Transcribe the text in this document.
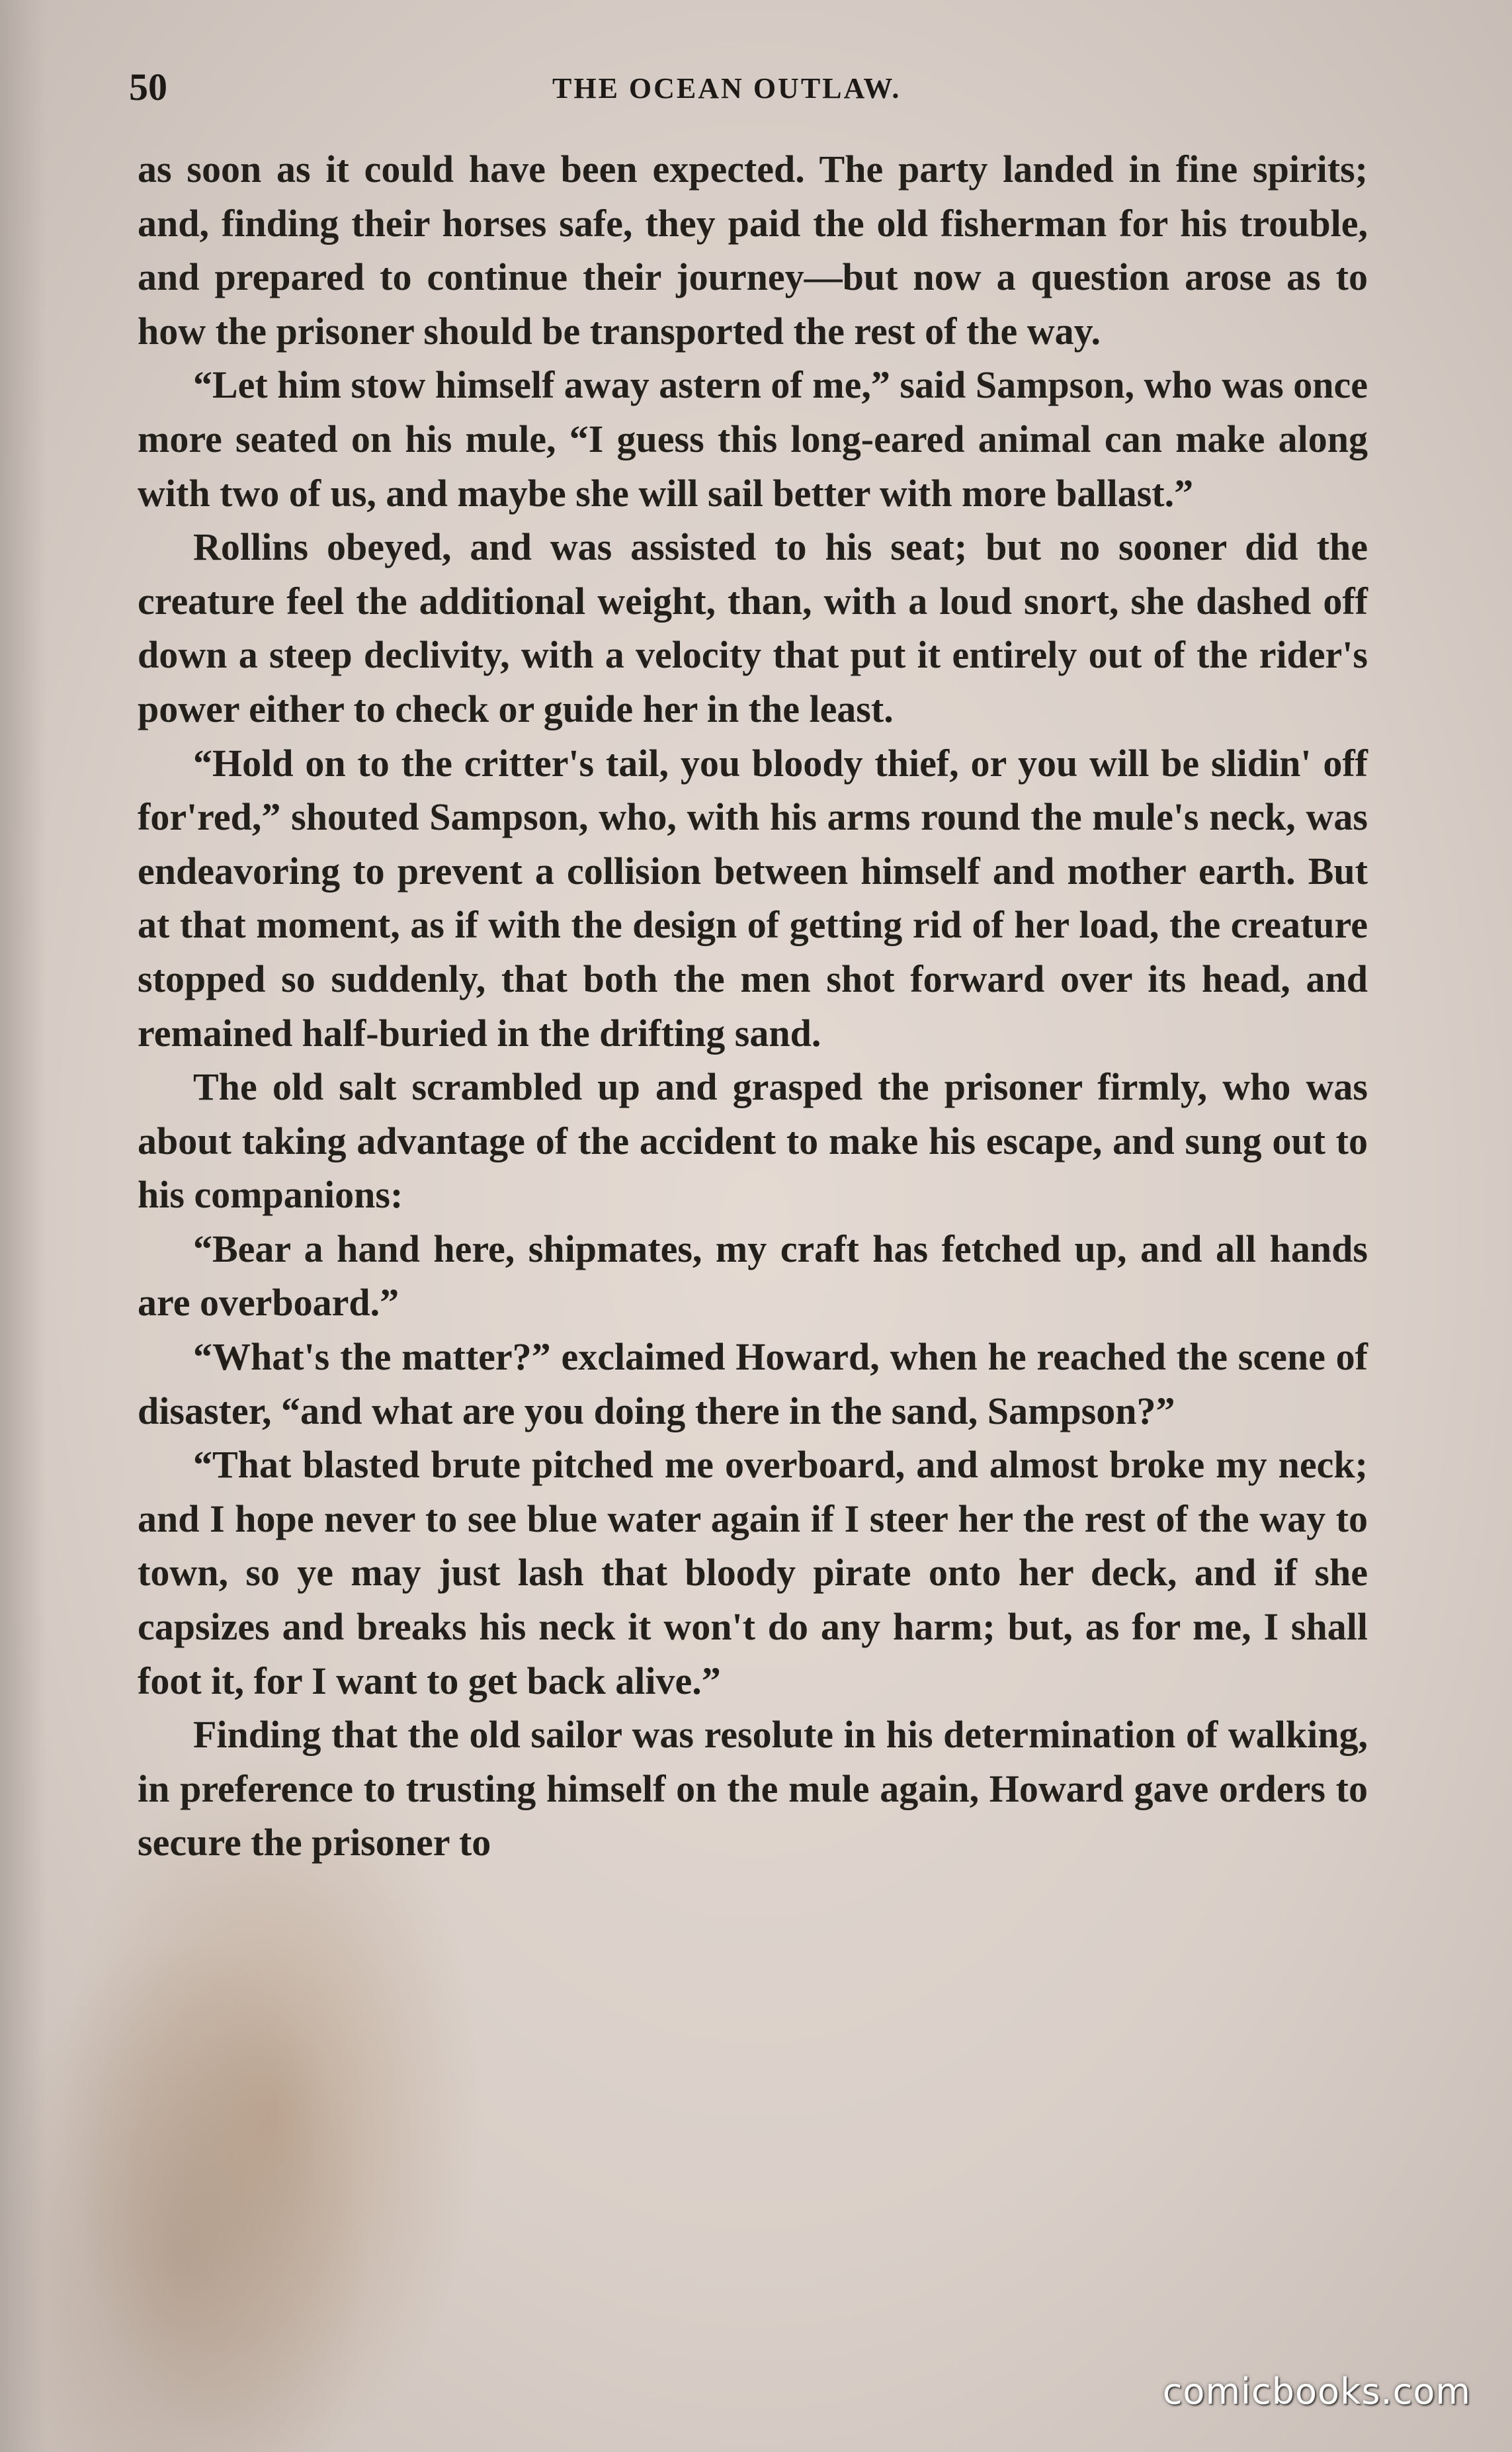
50	THE OCEAN OUTLAW.

as soon as it could have been expected. The party landed in fine spirits; and, finding their horses safe, they paid the old fisherman for his trouble, and prepared to continue their journey—but now a question arose as to how the prisoner should be transported the rest of the way.

“Let him stow himself away astern of me,” said Sampson, who was once more seated on his mule, “I guess this long-eared animal can make along with two of us, and maybe she will sail better with more ballast.”

Rollins obeyed, and was assisted to his seat; but no sooner did the creature feel the additional weight, than, with a loud snort, she dashed off down a steep declivity, with a velocity that put it entirely out of the rider's power either to check or guide her in the least.

“Hold on to the critter's tail, you bloody thief, or you will be slidin' off for'red,” shouted Sampson, who, with his arms round the mule's neck, was endeavoring to prevent a collision between himself and mother earth. But at that moment, as if with the design of getting rid of her load, the creature stopped so suddenly, that both the men shot forward over its head, and remained half-buried in the drifting sand.

The old salt scrambled up and grasped the prisoner firmly, who was about taking advantage of the accident to make his escape, and sung out to his companions:

“Bear a hand here, shipmates, my craft has fetched up, and all hands are overboard.”

“What's the matter?” exclaimed Howard, when he reached the scene of disaster, “and what are you doing there in the sand, Sampson?”

“That blasted brute pitched me overboard, and almost broke my neck; and I hope never to see blue water again if I steer her the rest of the way to town, so ye may just lash that bloody pirate onto her deck, and if she capsizes and breaks his neck it won't do any harm; but, as for me, I shall foot it, for I want to get back alive.”

Finding that the old sailor was resolute in his determination of walking, in preference to trusting himself on the mule again, Howard gave orders to secure the prisoner to

comicbooks.com
